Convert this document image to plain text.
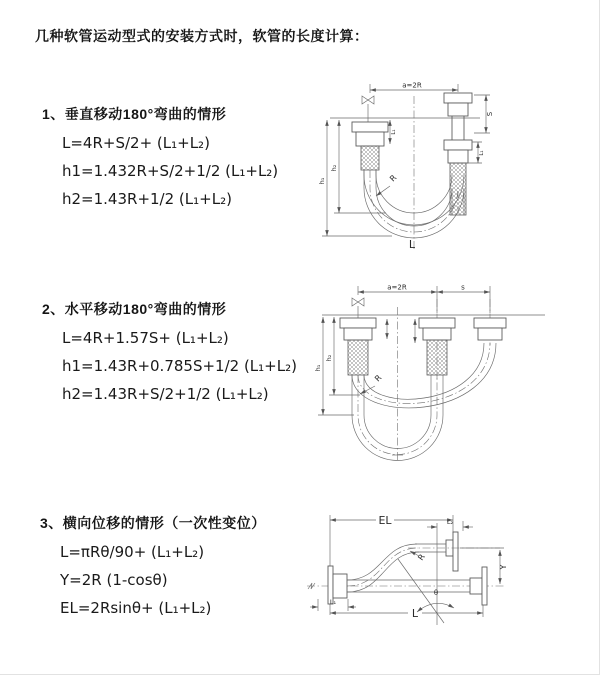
几种软管运动型式的安装方式时，软管的长度计算：
1、垂直移动180°弯曲的情形
L=4R+S/2+ (L₁+L₂)
h1=1.432R+S/2+1/2 (L₁+L₂)
h2=1.43R+1/2 (L₁+L₂)
a=2R
R
L
h₁
h₂
L₁
S
L₁
2、水平移动180°弯曲的情形
L=4R+1.57S+ (L₁+L₂)
h1=1.43R+0.785S+1/2 (L₁+L₂)
h2=1.43R+S/2+1/2 (L₁+L₂)
a=2R	s
h₁
h₂
R
3、横向位移的情形（一次性变位）
L=πRθ/90+ (L₁+L₂)
Y=2R (1-cosθ)
EL=2Rsinθ+ (L₁+L₂)
EL	L₂
Y
R
θ
L
L₁
